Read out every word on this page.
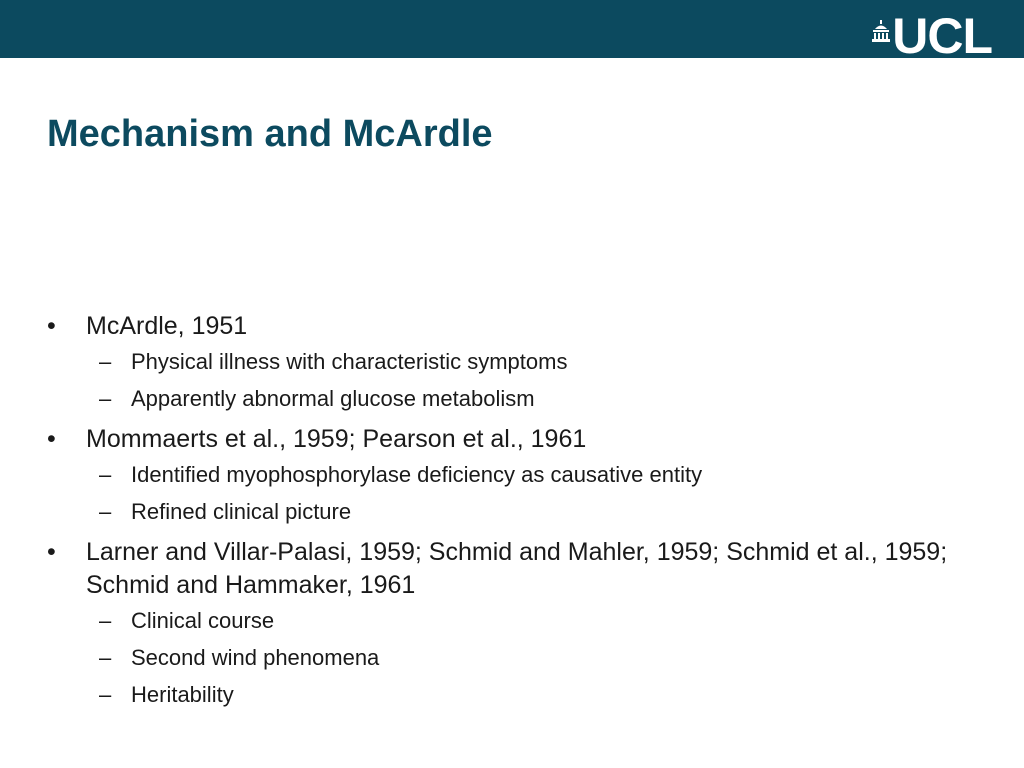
UCL
Mechanism and McArdle
•	McArdle, 1951
– Physical illness with characteristic symptoms
– Apparently abnormal glucose metabolism
•	Mommaerts et al., 1959; Pearson et al., 1961
– Identified myophosphorylase deficiency as causative entity
– Refined clinical picture
•	Larner and Villar-Palasi, 1959; Schmid and Mahler, 1959; Schmid et al., 1959; Schmid and Hammaker, 1961
– Clinical course
– Second wind phenomena
– Heritability
